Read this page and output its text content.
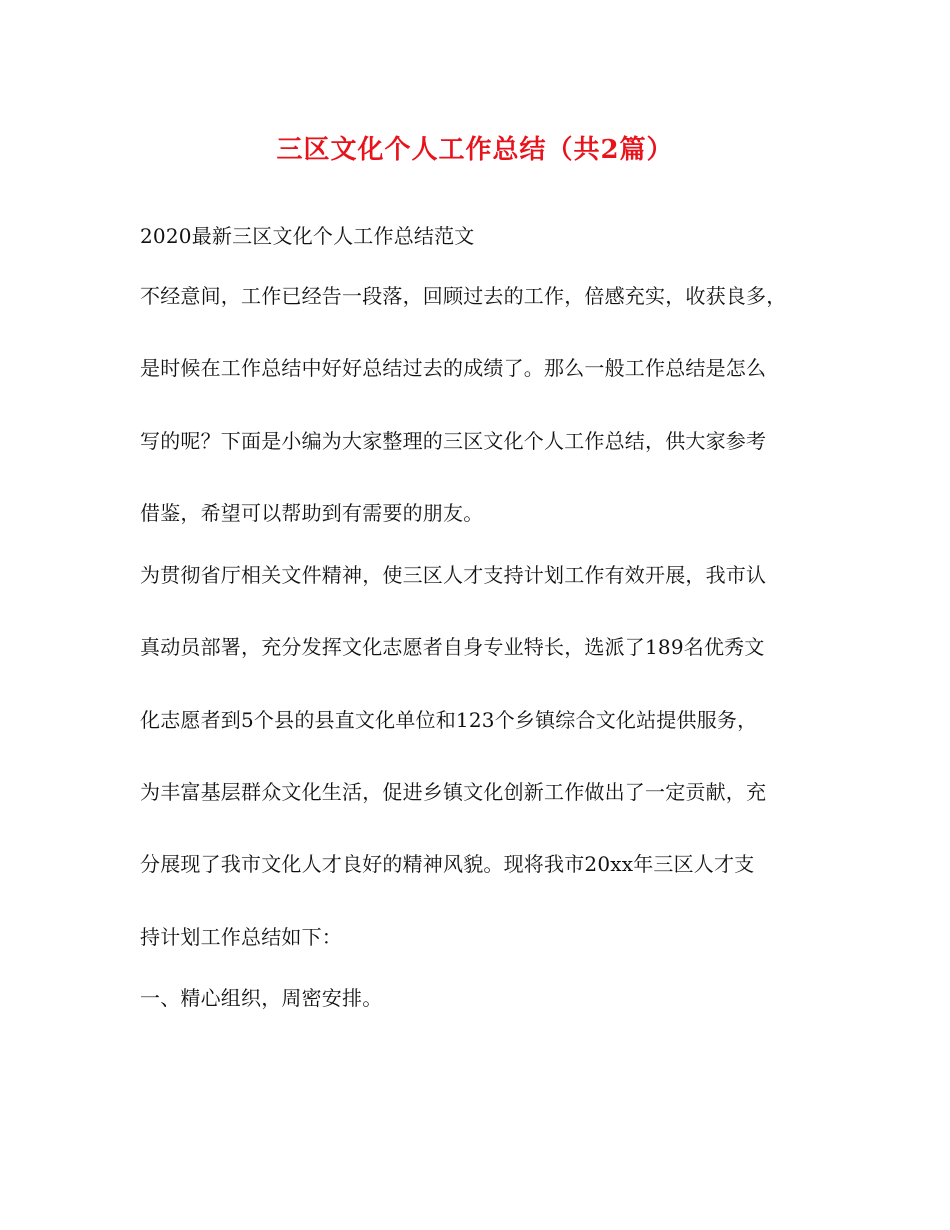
三区文化个人工作总结（共2篇）
2020最新三区文化个人工作总结范文
不经意间，工作已经告一段落，回顾过去的工作，倍感充实，收获良多，
是时候在工作总结中好好总结过去的成绩了。那么一般工作总结是怎么
写的呢？下面是小编为大家整理的三区文化个人工作总结，供大家参考
借鉴，希望可以帮助到有需要的朋友。
为贯彻省厅相关文件精神，使三区人才支持计划工作有效开展，我市认
真动员部署，充分发挥文化志愿者自身专业特长，选派了189名优秀文
化志愿者到5个县的县直文化单位和123个乡镇综合文化站提供服务，
为丰富基层群众文化生活，促进乡镇文化创新工作做出了一定贡献，充
分展现了我市文化人才良好的精神风貌。现将我市20xx年三区人才支
持计划工作总结如下：
一、精心组织，周密安排。
